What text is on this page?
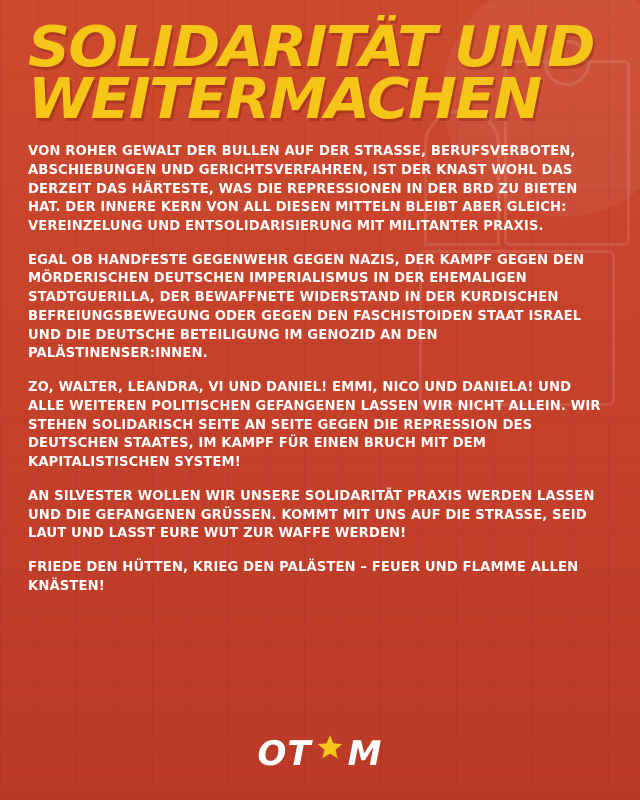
SOLIDARITÄT UND
WEITERMACHEN

VON ROHER GEWALT DER BULLEN AUF DER STRASSE, BERUFSVERBOTEN, ABSCHIEBUNGEN UND GERICHTSVERFAHREN, IST DER KNAST WOHL DAS DERZEIT DAS HÄRTESTE, WAS DIE REPRESSIONEN IN DER BRD ZU BIETEN HAT. DER INNERE KERN VON ALL DIESEN MITTELN BLEIBT ABER GLEICH: VEREINZELUNG UND ENTSOLIDARISIERUNG MIT MILITANTER PRAXIS.

EGAL OB HANDFESTE GEGENWEHR GEGEN NAZIS, DER KAMPF GEGEN DEN MÖRDERISCHEN DEUTSCHEN IMPERIALISMUS IN DER EHEMALIGEN STADTGUERILLA, DER BEWAFFNETE WIDERSTAND IN DER KURDISCHEN BEFREIUNGSBEWEGUNG ODER GEGEN DEN FASCHISTOIDEN STAAT ISRAEL UND DIE DEUTSCHE BETEILIGUNG IM GENOZID AN DEN PALÄSTINENSER:INNEN.

ZO, WALTER, LEANDRA, VI UND DANIEL! EMMI, NICO UND DANIELA! UND ALLE WEITEREN POLITISCHEN GEFANGENEN LASSEN WIR NICHT ALLEIN. WIR STEHEN SOLIDARISCH SEITE AN SEITE GEGEN DIE REPRESSION DES DEUTSCHEN STAATES, IM KAMPF FÜR EINEN BRUCH MIT DEM KAPITALISTISCHEN SYSTEM!

AN SILVESTER WOLLEN WIR UNSERE SOLIDARITÄT PRAXIS WERDEN LASSEN UND DIE GEFANGENEN GRÜSSEN. KOMMT MIT UNS AUF DIE STRASSE, SEID LAUT UND LASST EURE WUT ZUR WAFFE WERDEN!

FRIEDE DEN HÜTTEN, KRIEG DEN PALÄSTEN – FEUER UND FLAMME ALLEN KNÄSTEN!

OT M
